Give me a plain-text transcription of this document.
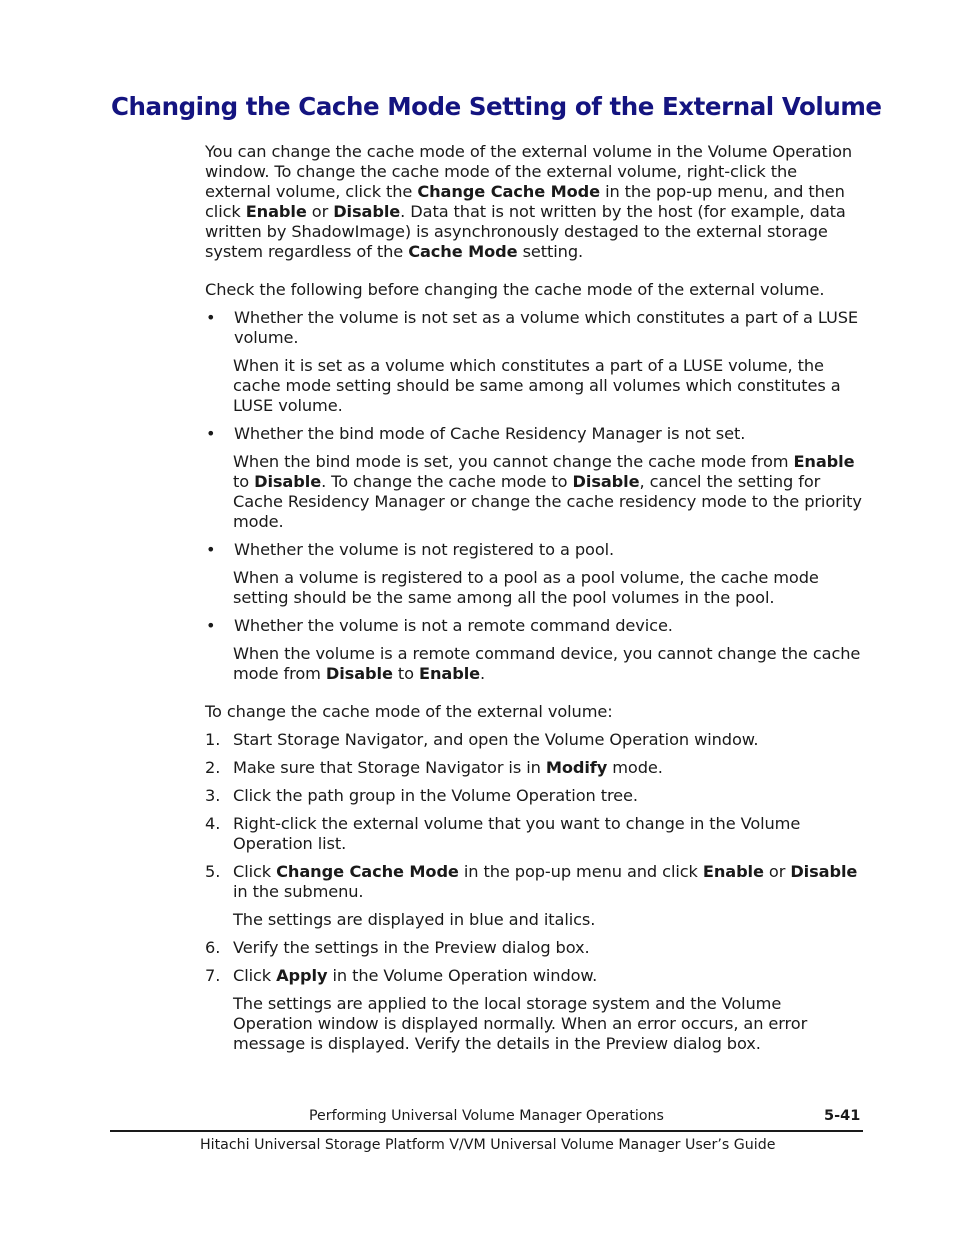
Changing the Cache Mode Setting of the External Volume

You can change the cache mode of the external volume in the Volume Operation window. To change the cache mode of the external volume, right-click the external volume, click the Change Cache Mode in the pop-up menu, and then click Enable or Disable. Data that is not written by the host (for example, data written by ShadowImage) is asynchronously destaged to the external storage system regardless of the Cache Mode setting.

Check the following before changing the cache mode of the external volume.

•	Whether the volume is not set as a volume which constitutes a part of a LUSE volume.

When it is set as a volume which constitutes a part of a LUSE volume, the cache mode setting should be same among all volumes which constitutes a LUSE volume.

•	Whether the bind mode of Cache Residency Manager is not set.

When the bind mode is set, you cannot change the cache mode from Enable to Disable. To change the cache mode to Disable, cancel the setting for Cache Residency Manager or change the cache residency mode to the priority mode.

•	Whether the volume is not registered to a pool.

When a volume is registered to a pool as a pool volume, the cache mode setting should be the same among all the pool volumes in the pool.

•	Whether the volume is not a remote command device.

When the volume is a remote command device, you cannot change the cache mode from Disable to Enable.

To change the cache mode of the external volume:

1. Start Storage Navigator, and open the Volume Operation window.
2. Make sure that Storage Navigator is in Modify mode.
3. Click the path group in the Volume Operation tree.
4. Right-click the external volume that you want to change in the Volume Operation list.
5. Click Change Cache Mode in the pop-up menu and click Enable or Disable in the submenu.

The settings are displayed in blue and italics.

6. Verify the settings in the Preview dialog box.
7. Click Apply in the Volume Operation window.

The settings are applied to the local storage system and the Volume Operation window is displayed normally. When an error occurs, an error message is displayed. Verify the details in the Preview dialog box.

Performing Universal Volume Manager Operations	5-41
Hitachi Universal Storage Platform V/VM Universal Volume Manager User’s Guide
